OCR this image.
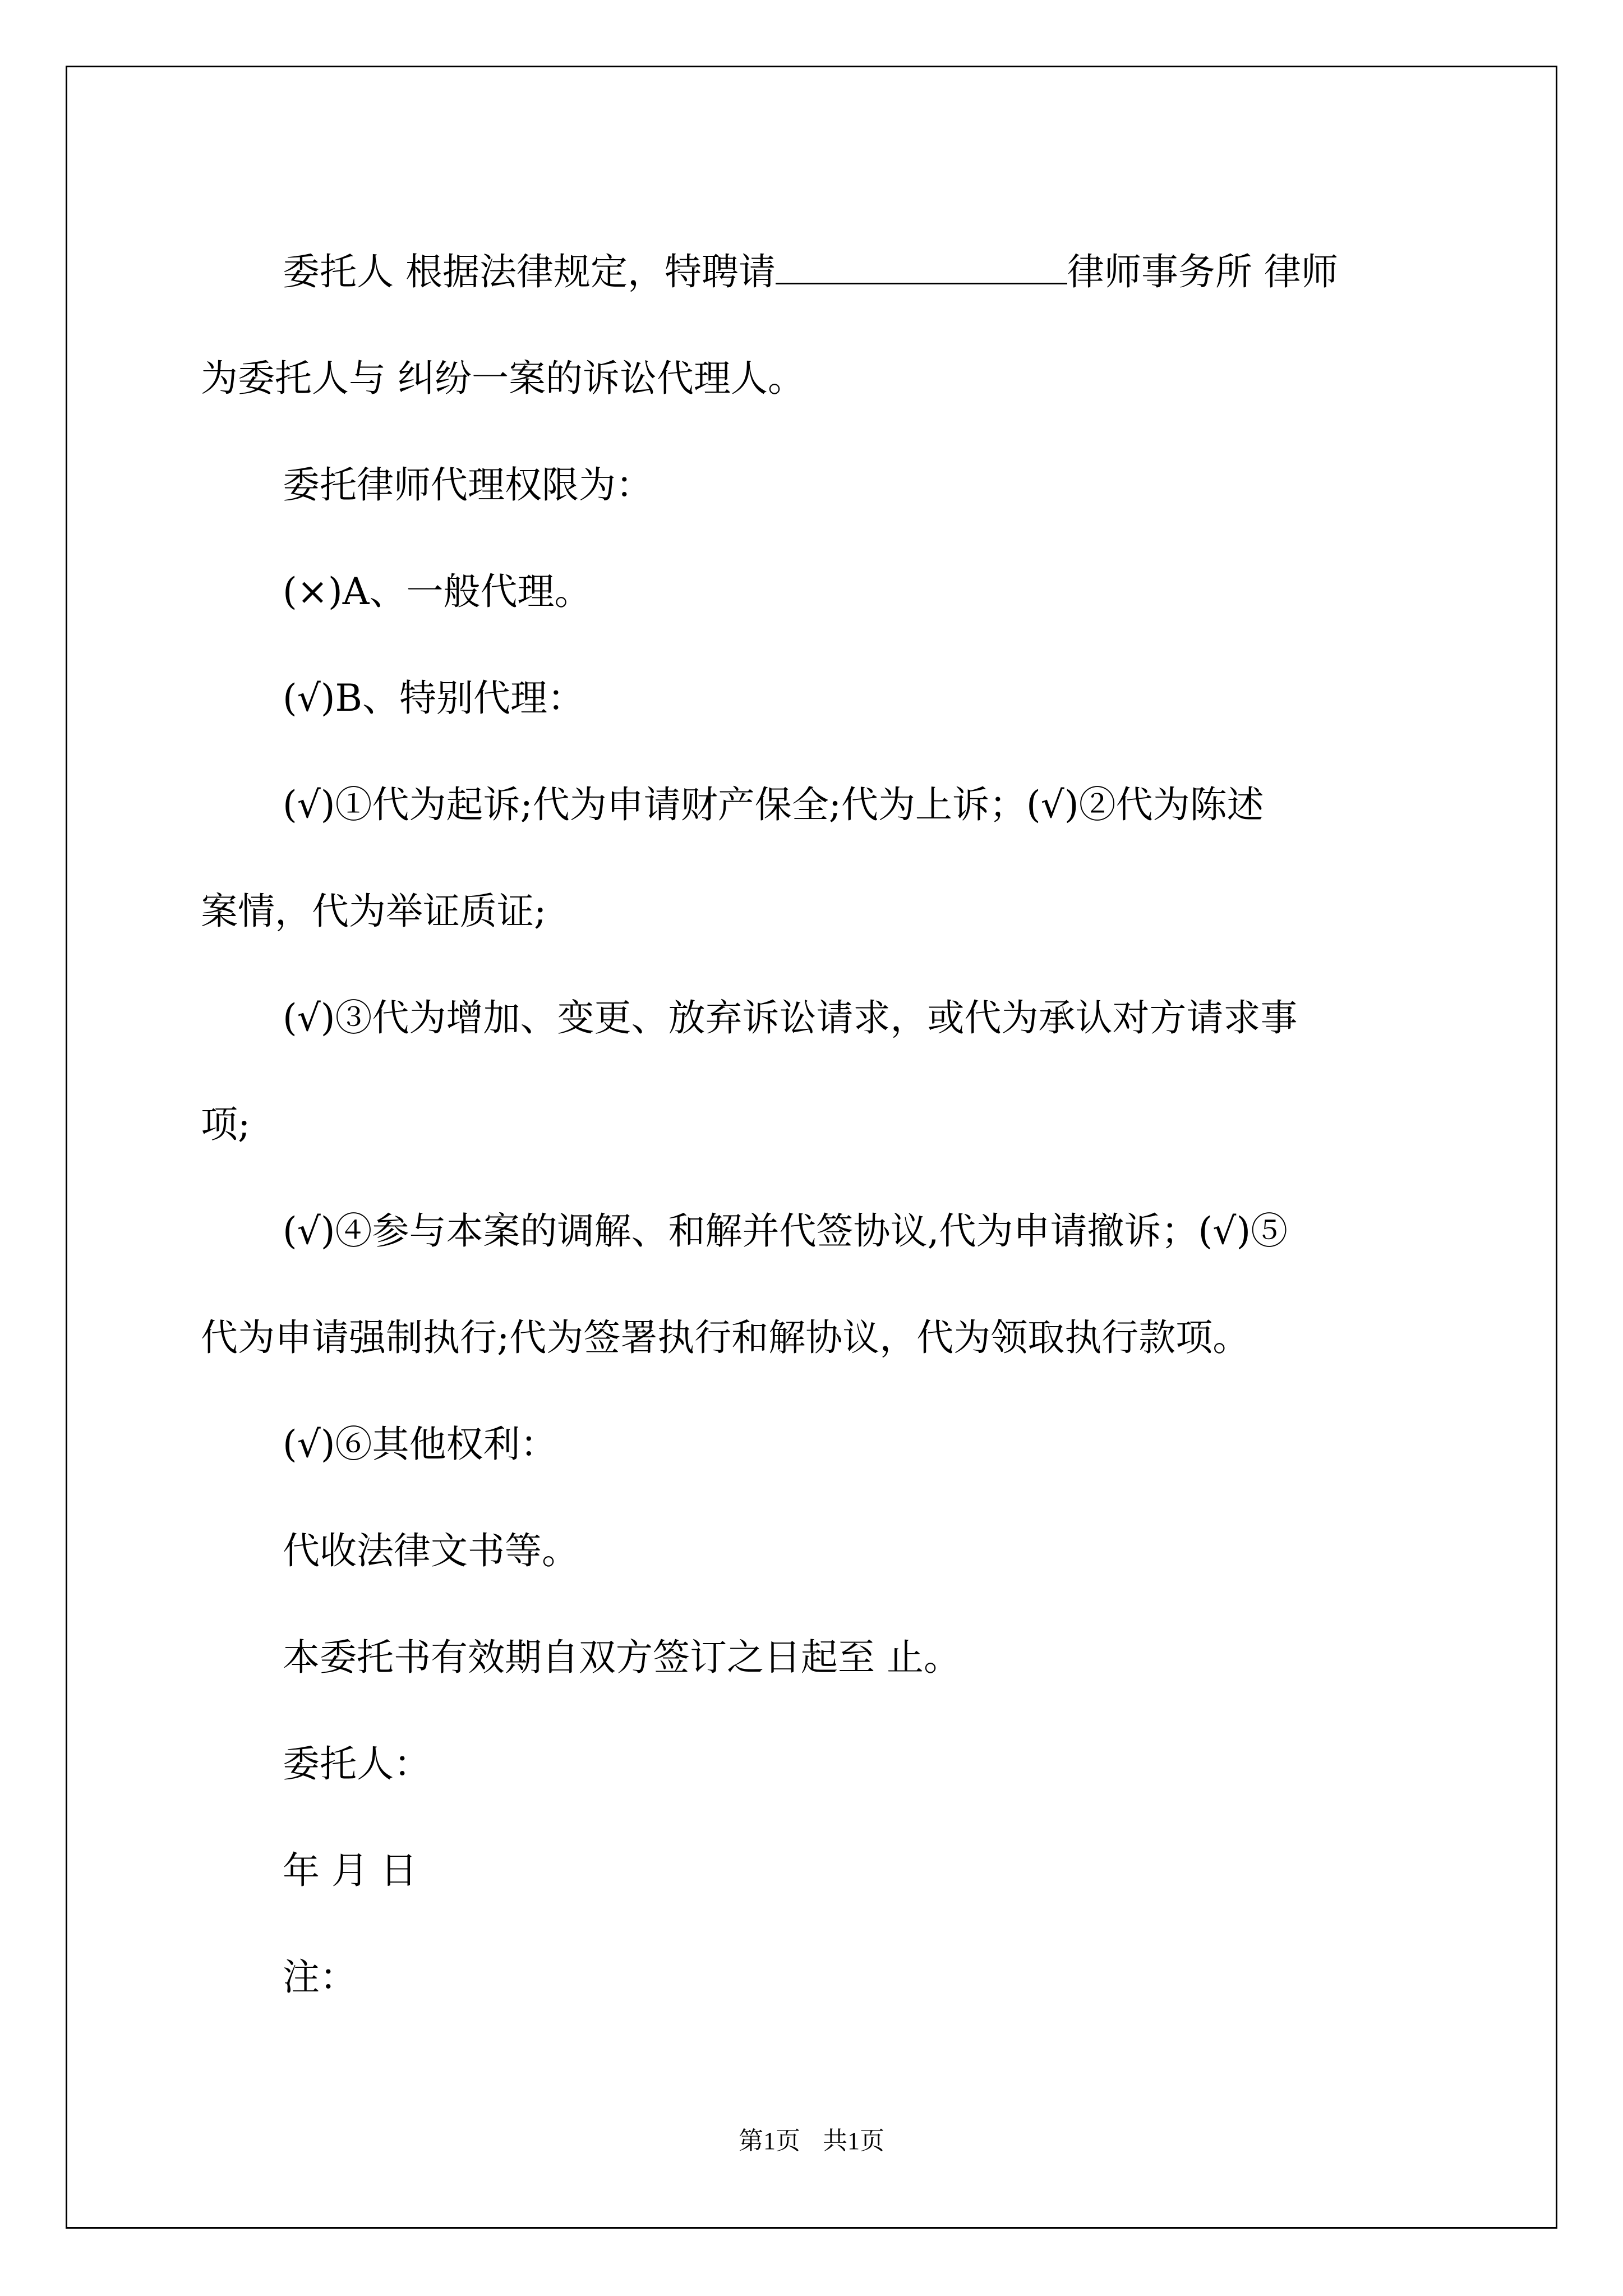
委托人 根据法律规定，特聘请	律师事务所 律师
为委托人与 纠纷一案的诉讼代理人。
委托律师代理权限为：
(×)A、一般代理。
(√)B、特别代理：
(√)①代为起诉;代为申请财产保全;代为上诉；(√)②代为陈述
案情，代为举证质证;
(√)③代为增加、变更、放弃诉讼请求，或代为承认对方请求事
项;
(√)④参与本案的调解、和解并代签协议,代为申请撤诉；(√)⑤
代为申请强制执行;代为签署执行和解协议，代为领取执行款项。
(√)⑥其他权利：
代收法律文书等。
本委托书有效期自双方签订之日起至 止。
委托人：
年 月 日
注：
第1页 共1页
